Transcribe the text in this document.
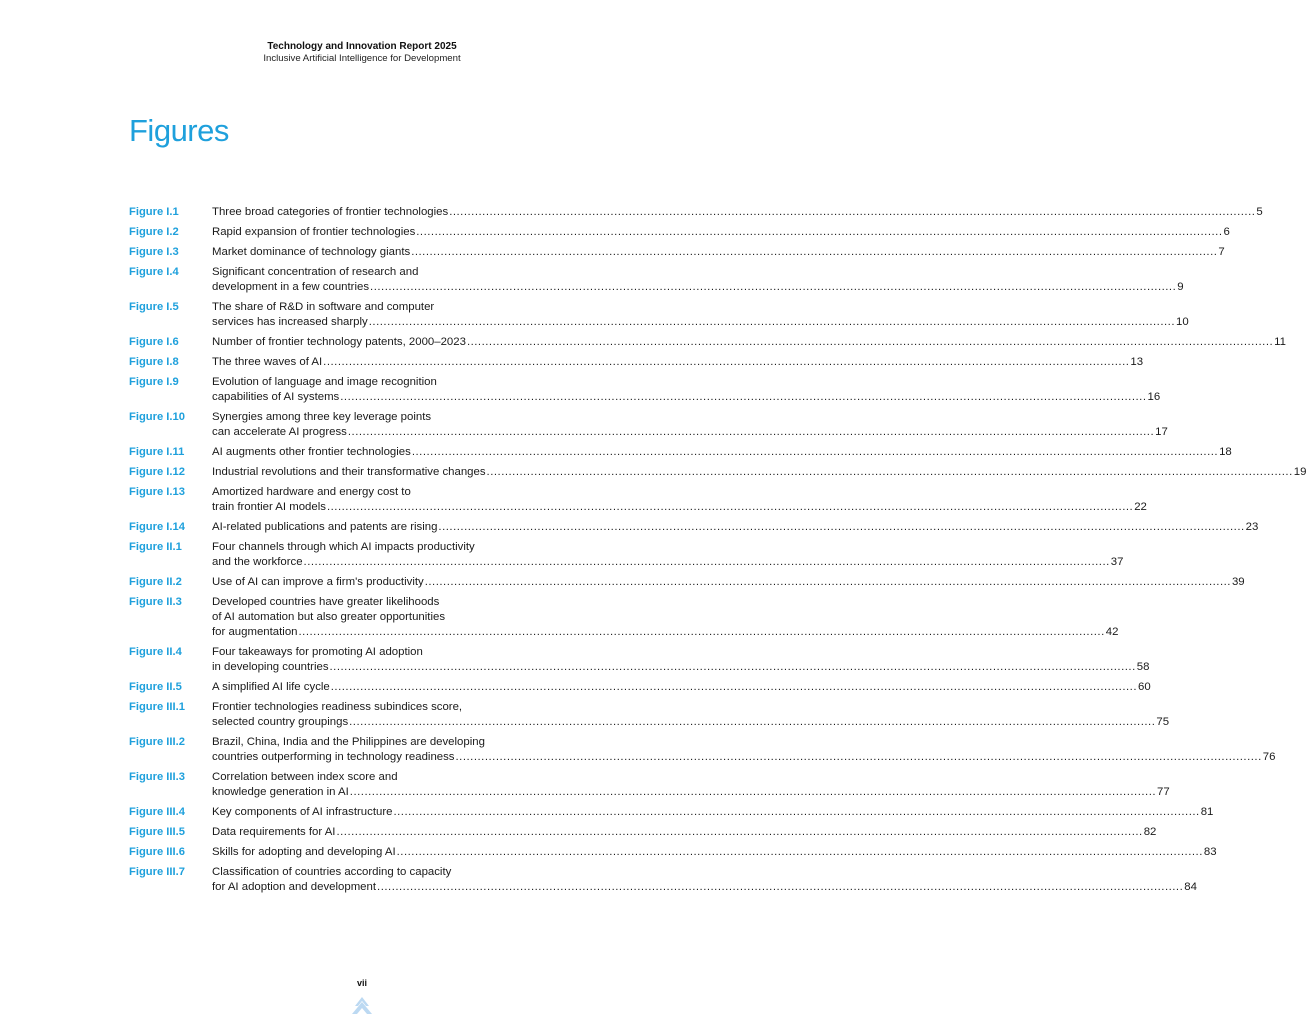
Technology and Innovation Report 2025
Inclusive Artificial Intelligence for Development
Figures
Figure I.1	Three broad categories of frontier technologies ............................................................................................................................................................................................................................ 5
Figure I.2	Rapid expansion of frontier technologies ............................................................................................................................................................................................................................ 6
Figure I.3	Market dominance of technology giants ............................................................................................................................................................................................................................ 7
Figure I.4	Significant concentration of research and
development in a few countries ............................................................................................................................................................................................................................ 9
Figure I.5	The share of R&D in software and computer
services has increased sharply ............................................................................................................................................................................................................................ 10
Figure I.6	Number of frontier technology patents, 2000–2023 ............................................................................................................................................................................................................................ 11
Figure I.8	The three waves of AI ............................................................................................................................................................................................................................ 13
Figure I.9	Evolution of language and image recognition
capabilities of AI systems ............................................................................................................................................................................................................................ 16
Figure I.10	Synergies among three key leverage points
can accelerate AI progress ............................................................................................................................................................................................................................ 17
Figure I.11	AI augments other frontier technologies ............................................................................................................................................................................................................................ 18
Figure I.12	Industrial revolutions and their transformative changes ............................................................................................................................................................................................................................ 19
Figure I.13	Amortized hardware and energy cost to
train frontier AI models ............................................................................................................................................................................................................................ 22
Figure I.14	AI-related publications and patents are rising ............................................................................................................................................................................................................................ 23
Figure II.1	Four channels through which AI impacts productivity
and the workforce ............................................................................................................................................................................................................................ 37
Figure II.2	Use of AI can improve a firm's productivity ............................................................................................................................................................................................................................ 39
Figure II.3	Developed countries have greater likelihoods
of AI automation but also greater opportunities
for augmentation ............................................................................................................................................................................................................................ 42
Figure II.4	Four takeaways for promoting AI adoption
in developing countries ............................................................................................................................................................................................................................ 58
Figure II.5	A simplified AI life cycle ............................................................................................................................................................................................................................ 60
Figure III.1	Frontier technologies readiness subindices score,
selected country groupings ............................................................................................................................................................................................................................ 75
Figure III.2	Brazil, China, India and the Philippines are developing
countries outperforming in technology readiness ............................................................................................................................................................................................................................ 76
Figure III.3	Correlation between index score and
knowledge generation in AI ............................................................................................................................................................................................................................ 77
Figure III.4	Key components of AI infrastructure ............................................................................................................................................................................................................................ 81
Figure III.5	Data requirements for AI ............................................................................................................................................................................................................................ 82
Figure III.6	Skills for adopting and developing AI ............................................................................................................................................................................................................................ 83
Figure III.7	Classification of countries according to capacity
for AI adoption and development ............................................................................................................................................................................................................................ 84
vii
